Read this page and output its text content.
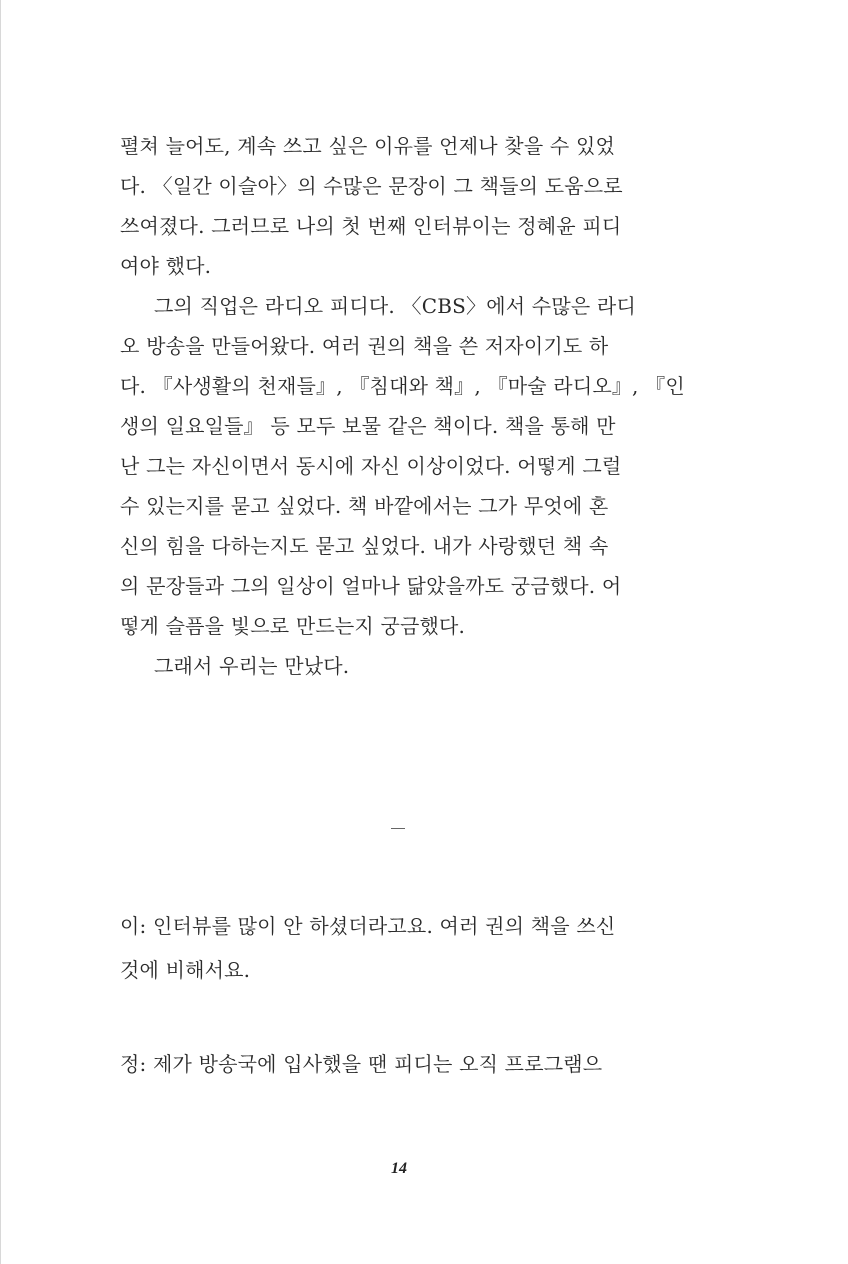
펼쳐 늘어도, 계속 쓰고 싶은 이유를 언제나 찾을 수 있었
다. 〈일간 이슬아〉의 수많은 문장이 그 책들의 도움으로
쓰여졌다. 그러므로 나의 첫 번째 인터뷰이는 정혜윤 피디
여야 했다.
그의 직업은 라디오 피디다. 〈CBS〉에서 수많은 라디
오 방송을 만들어왔다. 여러 권의 책을 쓴 저자이기도 하
다. 『사생활의 천재들』, 『침대와 책』, 『마술 라디오』, 『인
생의 일요일들』 등 모두 보물 같은 책이다. 책을 통해 만
난 그는 자신이면서 동시에 자신 이상이었다. 어떻게 그럴
수 있는지를 묻고 싶었다. 책 바깥에서는 그가 무엇에 혼
신의 힘을 다하는지도 묻고 싶었다. 내가 사랑했던 책 속
의 문장들과 그의 일상이 얼마나 닮았을까도 궁금했다. 어
떻게 슬픔을 빛으로 만드는지 궁금했다.
그래서 우리는 만났다.
이: 인터뷰를 많이 안 하셨더라고요. 여러 권의 책을 쓰신
것에 비해서요.
정: 제가 방송국에 입사했을 땐 피디는 오직 프로그램으
14
